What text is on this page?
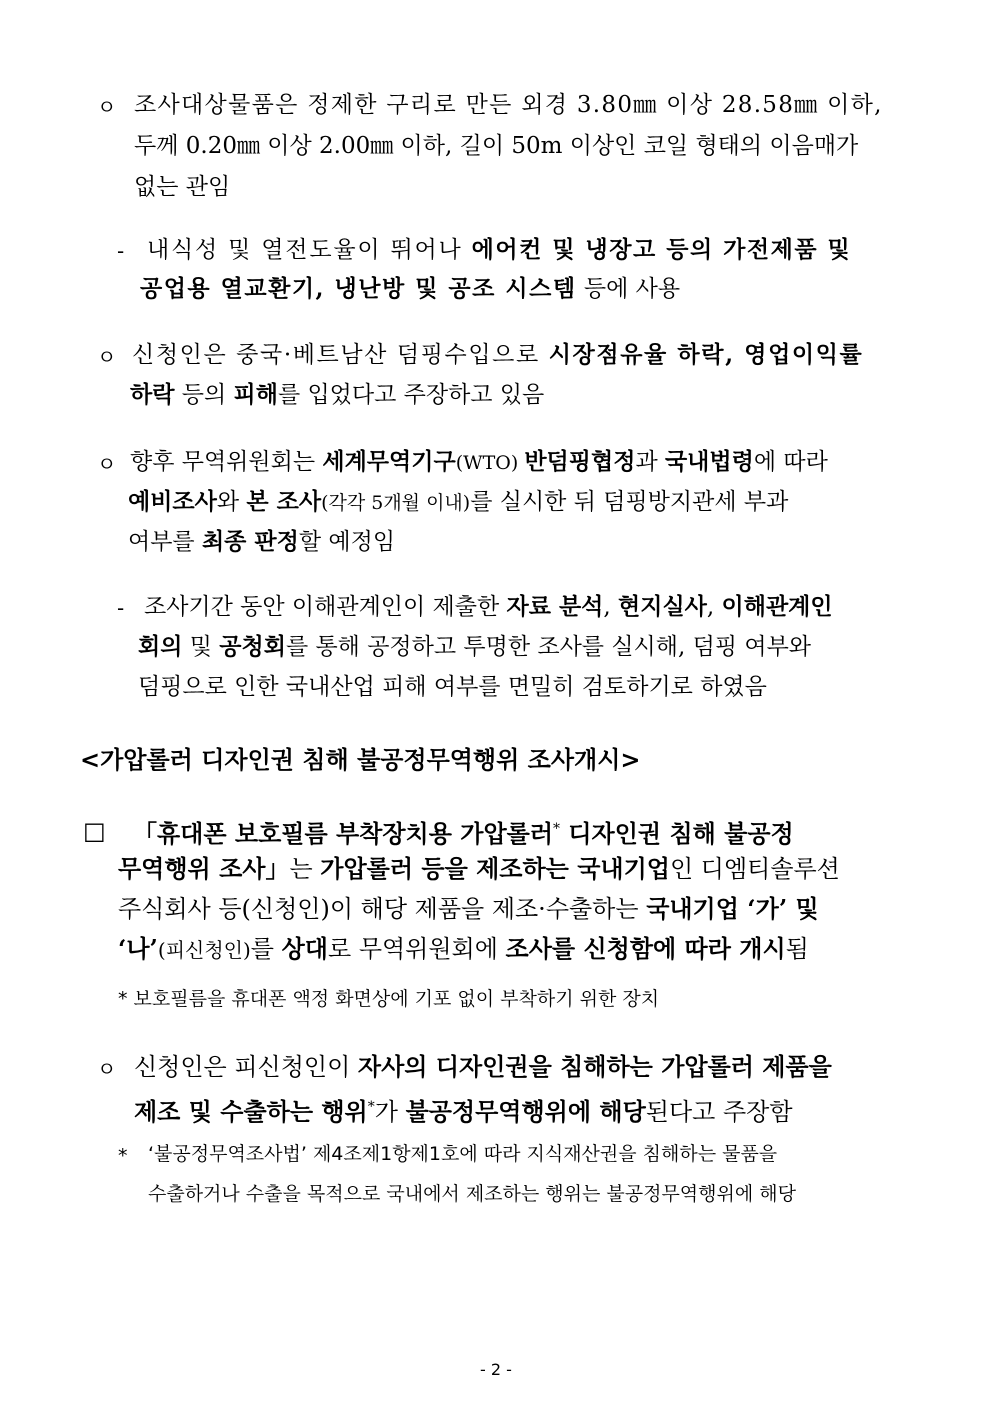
ㅇ 조사대상물품은 정제한 구리로 만든 외경 3.80㎜ 이상 28.58㎜ 이하,
두께 0.20㎜ 이상 2.00㎜ 이하, 길이 50m 이상인 코일 형태의 이음매가
없는 관임
- 내식성 및 열전도율이 뛰어나 에어컨 및 냉장고 등의 가전제품 및
공업용 열교환기, 냉난방 및 공조 시스템 등에 사용
ㅇ 신청인은 중국·베트남산 덤핑수입으로 시장점유율 하락, 영업이익률
하락 등의 피해를 입었다고 주장하고 있음
ㅇ 향후 무역위원회는 세계무역기구(WTO) 반덤핑협정과 국내법령에 따라
예비조사와 본 조사(각각 5개월 이내)를 실시한 뒤 덤핑방지관세 부과
여부를 최종 판정할 예정임
- 조사기간 동안 이해관계인이 제출한 자료 분석, 현지실사, 이해관계인
회의 및 공청회를 통해 공정하고 투명한 조사를 실시해, 덤핑 여부와
덤핑으로 인한 국내산업 피해 여부를 면밀히 검토하기로 하였음
<가압롤러 디자인권 침해 불공정무역행위 조사개시>
□ 「휴대폰 보호필름 부착장치용 가압롤러* 디자인권 침해 불공정
무역행위 조사」는 가압롤러 등을 제조하는 국내기업인 디엠티솔루션
주식회사 등(신청인)이 해당 제품을 제조·수출하는 국내기업 ‘가’ 및
‘나’(피신청인)를 상대로 무역위원회에 조사를 신청함에 따라 개시됨
* 보호필름을 휴대폰 액정 화면상에 기포 없이 부착하기 위한 장치
ㅇ 신청인은 피신청인이 자사의 디자인권을 침해하는 가압롤러 제품을
제조 및 수출하는 행위*가 불공정무역행위에 해당된다고 주장함
* ‘불공정무역조사법’ 제4조제1항제1호에 따라 지식재산권을 침해하는 물품을
수출하거나 수출을 목적으로 국내에서 제조하는 행위는 불공정무역행위에 해당
- 2 -
